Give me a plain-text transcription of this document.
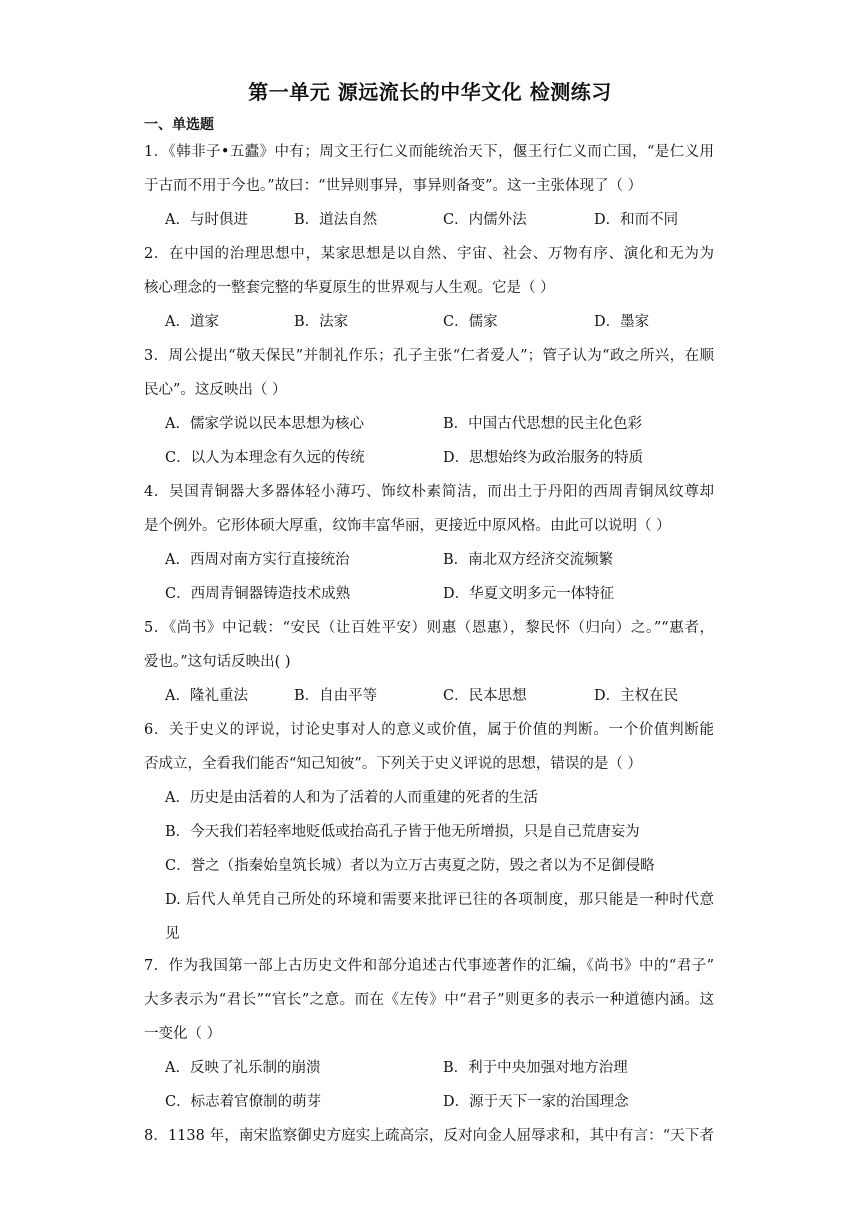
第一单元 源远流长的中华文化 检测练习
一、单选题
1．《韩非子•五蠹》中有；周文王行仁义而能统治天下，偃王行仁义而亡国，“是仁义用
于古而不用于今也。”故曰：“世异则事异，事异则备变”。这一主张体现了（ ）
A．与时俱进	B．道法自然	C．内儒外法	D．和而不同
2．在中国的治理思想中，某家思想是以自然、宇宙、社会、万物有序、演化和无为为
核心理念的一整套完整的华夏原生的世界观与人生观。它是（ ）
A．道家	B．法家	C．儒家	D．墨家
3．周公提出“敬天保民”并制礼作乐；孔子主张“仁者爱人”；管子认为“政之所兴，在顺
民心”。这反映出（ ）
A．儒家学说以民本思想为核心	B．中国古代思想的民主化色彩
C．以人为本理念有久远的传统	D．思想始终为政治服务的特质
4．吴国青铜器大多器体轻小薄巧、饰纹朴素简洁，而出土于丹阳的西周青铜凤纹尊却
是个例外。它形体硕大厚重，纹饰丰富华丽，更接近中原风格。由此可以说明（ ）
A．西周对南方实行直接统治	B．南北双方经济交流频繁
C．西周青铜器铸造技术成熟	D．华夏文明多元一体特征
5．《尚书》中记载：“安民（让百姓平安）则惠（恩惠），黎民怀（归向）之。”“惠者，
爱也。”这句话反映出( )
A．隆礼重法	B．自由平等	C．民本思想	D．主权在民
6．关于史义的评说，讨论史事对人的意义或价值，属于价值的判断。一个价值判断能
否成立，全看我们能否“知己知彼”。下列关于史义评说的思想，错误的是（ ）
A．历史是由活着的人和为了活着的人而重建的死者的生活
B．今天我们若轻率地贬低或抬高孔子皆于他无所增损，只是自己荒唐妄为
C．誉之（指秦始皇筑长城）者以为立万古夷夏之防，毁之者以为不足御侵略
D. 后代人单凭自己所处的环境和需要来批评已往的各项制度，那只能是一种时代意
见
7．作为我国第一部上古历史文件和部分追述古代事迹著作的汇编，《尚书》中的“君子”
大多表示为“君长”“官长”之意。而在《左传》中“君子”则更多的表示一种道德内涵。这
一变化（ ）
A．反映了礼乐制的崩溃	B．利于中央加强对地方治理
C．标志着官僚制的萌芽	D．源于天下一家的治国理念
8．1138 年，南宋监察御史方庭实上疏高宗，反对向金人屈辱求和，其中有言：“天下者
